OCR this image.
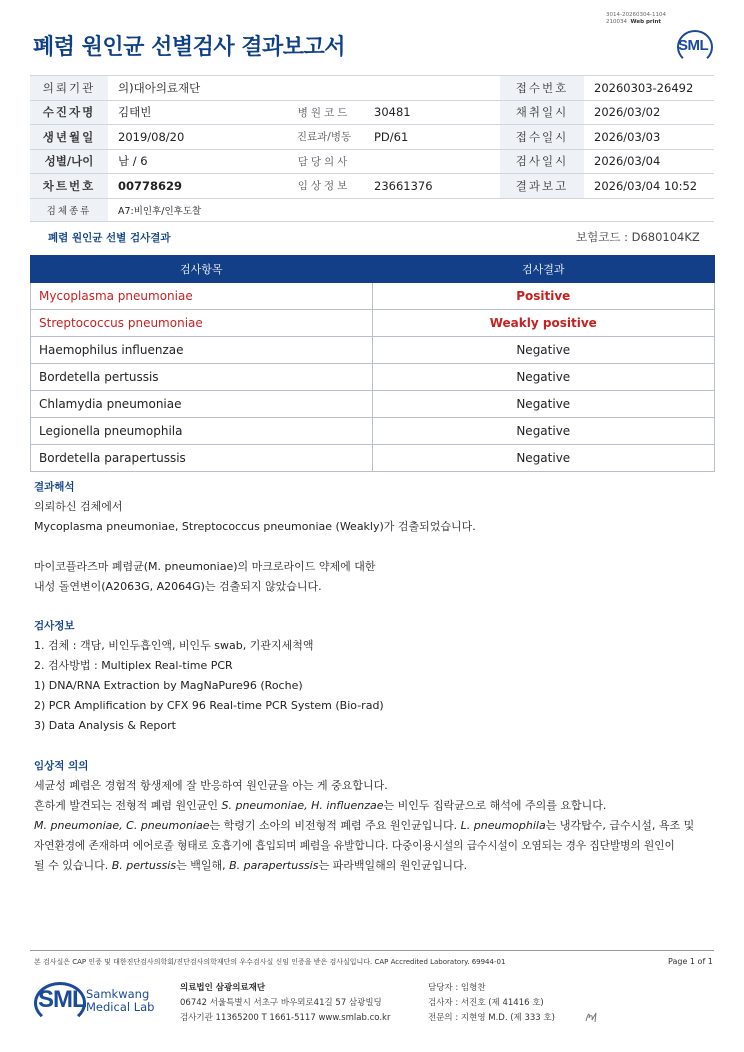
3014-20260304-1104
210034 Web print
폐렴 원인균 선별검사 결과보고서	SML
의뢰기관	의)대아의료재단			접수번호	20260303-26492
수진자명	김태빈	병원코드	30481	채취일시	2026/03/02
생년월일	2019/08/20	진료과/병동	PD/61	접수일시	2026/03/03
성별/나이	남 / 6	담당의사		검사일시	2026/03/04
차트번호	00778629	임상정보	23661376	결과보고	2026/03/04 10:52
검체종류	A7:비인후/인후도찰				
폐렴 원인균 선별 검사결과	보험코드 : D680104KZ
검사항목	검사결과
Mycoplasma pneumoniae	Positive
Streptococcus pneumoniae	Weakly positive
Haemophilus influenzae	Negative
Bordetella pertussis	Negative
Chlamydia pneumoniae	Negative
Legionella pneumophila	Negative
Bordetella parapertussis	Negative

결과해석

의뢰하신 검체에서

Mycoplasma pneumoniae, Streptococcus pneumoniae (Weakly)가 검출되었습니다.

마이코플라즈마 폐렴균(M. pneumoniae)의 마크로라이드 약제에 대한

내성 돌연변이(A2063G, A2064G)는 검출되지 않았습니다.

검사정보

1. 검체 : 객담, 비인두흡인액, 비인두 swab, 기관지세척액

2. 검사방법 : Multiplex Real-time PCR

1) DNA/RNA Extraction by MagNaPure96 (Roche)

2) PCR Amplification by CFX 96 Real-time PCR System (Bio-rad)

3) Data Analysis & Report

임상적 의의

세균성 폐렴은 경험적 항생제에 잘 반응하여 원인균을 아는 게 중요합니다.

흔하게 발견되는 전형적 폐렴 원인균인 S. pneumoniae, H. influenzae는 비인두 집락균으로 해석에 주의를 요합니다.

M. pneumoniae, C. pneumoniae는 학령기 소아의 비전형적 폐렴 주요 원인균입니다. L. pneumophila는 냉각탑수, 급수시설, 욕조 및

자연환경에 존재하며 에어로졸 형태로 호흡기에 흡입되며 폐렴을 유발합니다. 다중이용시설의 급수시설이 오염되는 경우 집단발병의 원인이

될 수 있습니다. B. pertussis는 백일해, B. parapertussis는 파라백일해의 원인균입니다.

본 검사실은 CAP 인증 및 대한진단검사의학회/진단검사의학재단의 우수검사실 신임 인증을 받은 검사실입니다. CAP Accredited Laboratory. 69944-01	Page 1 of 1
SML Samkwang
Medical Lab
의료법인 삼광의료재단
06742 서울특별시 서초구 바우뫼로41길 57 삼광빌딩
검사기관 11365200 T 1661-5117 www.smlab.co.kr
담당자 : 임형찬
검사자 : 서진호 (제 41416 호)
전문의 : 지현영 M.D. (제 333 호)
